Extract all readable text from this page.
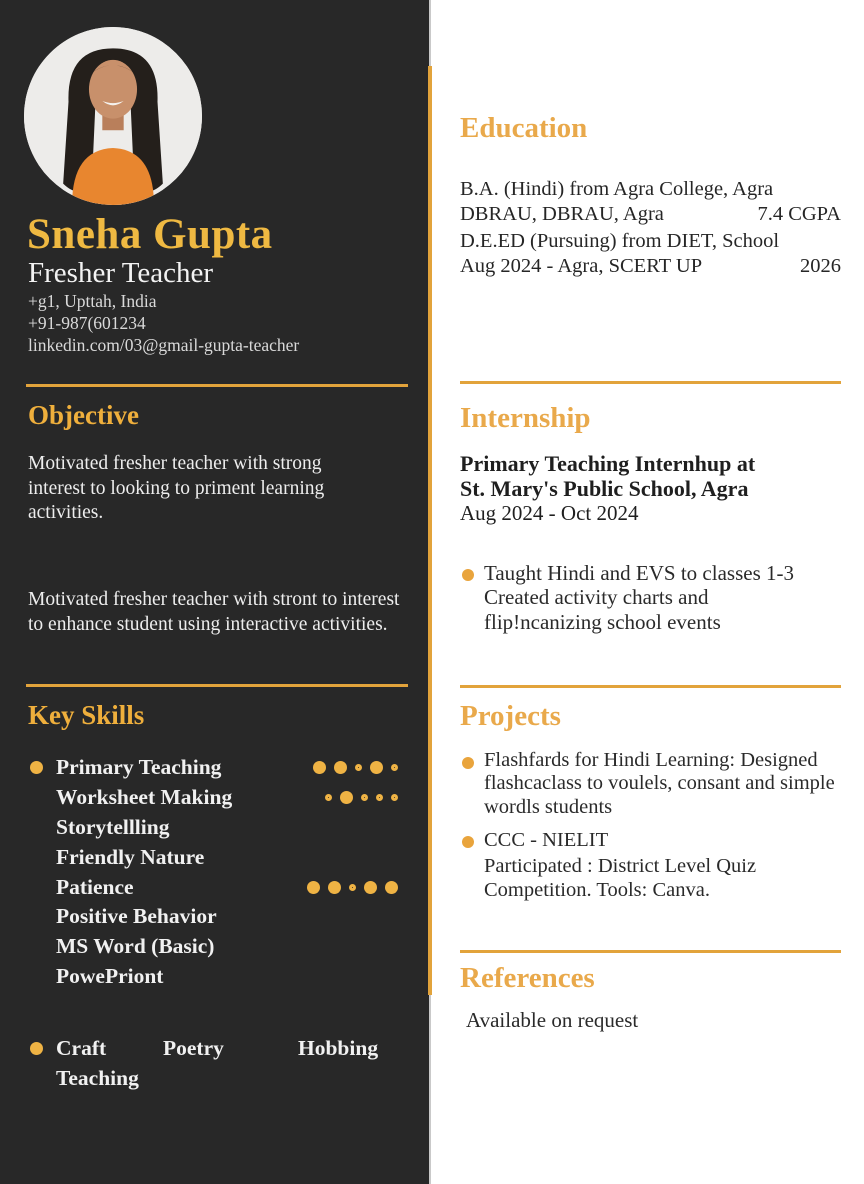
Sneha Gupta
Fresher Teacher
+g1, Upttah, India
+91-987(601234
linkedin.com/03@gmail-gupta-teacher
Objective
Motivated fresher teacher with strong interest to looking to priment learning activities.
Motivated fresher teacher with stront to interest to enhance student using interactive activities.
Key Skills
Primary Teaching
Worksheet Making
Storytellling
Friendly Nature
Patience
Positive Behavior
MS Word (Basic)
PowePriont
Craft	Poetry	Hobbing
Teaching
Education
B.A. (Hindi) from Agra College, Agra
DBRAU, DBRAU, Agra	7.4 CGPA
D.E.ED (Pursuing) from DIET, School
Aug 2024 - Agra, SCERT UP	2026
Internship
Primary Teaching Internhup at
St. Mary's Public School, Agra
Aug 2024 - Oct 2024
Taught Hindi and EVS to classes 1-3
Created activity charts and
flip!ncanizing school events
Projects
Flashfards for Hindi Learning: Designed flashcaclass to voulels, consant and simple wordls students
CCC - NIELIT
Participated : District Level Quiz Competition. Tools: Canva.
References
Available on request
